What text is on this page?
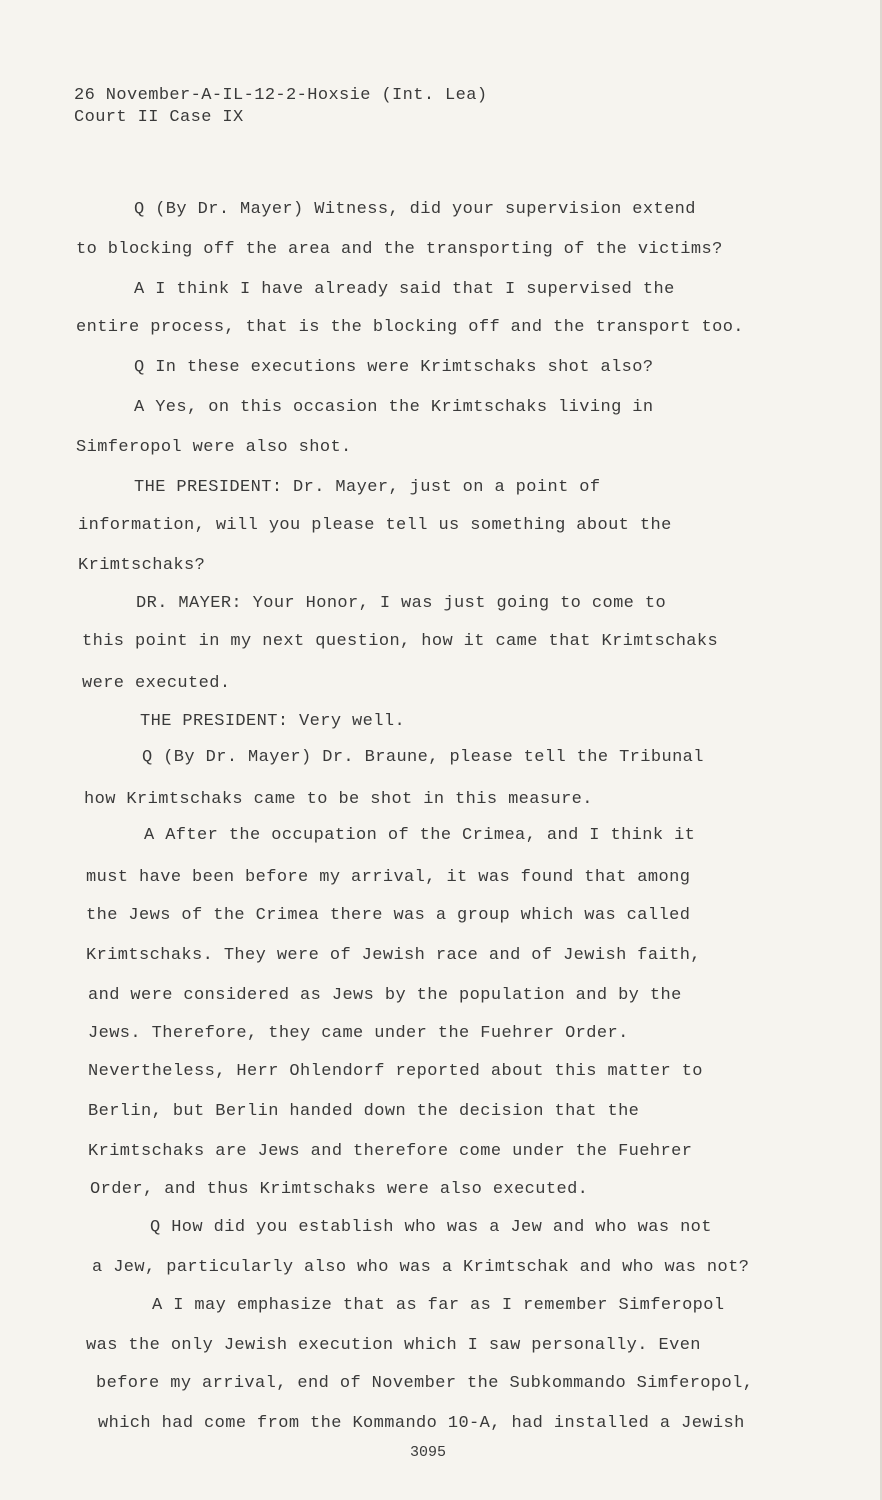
26 November-A-IL-12-2-Hoxsie (Int. Lea)
Court II Case IX
Q (By Dr. Mayer) Witness, did your supervision extend
to blocking off the area and the transporting of the victims?
A I think I have already said that I supervised the
entire process, that is the blocking off and the transport too.
Q In these executions were Krimtschaks shot also?
A Yes, on this occasion the Krimtschaks living in
Simferopol were also shot.
THE PRESIDENT: Dr. Mayer, just on a point of
information, will you please tell us something about the
Krimtschaks?
DR. MAYER: Your Honor, I was just going to come to
this point in my next question, how it came that Krimtschaks
were executed.
THE PRESIDENT: Very well.
Q (By Dr. Mayer) Dr. Braune, please tell the Tribunal
how Krimtschaks came to be shot in this measure.
A After the occupation of the Crimea, and I think it
must have been before my arrival, it was found that among
the Jews of the Crimea there was a group which was called
Krimtschaks. They were of Jewish race and of Jewish faith,
and were considered as Jews by the population and by the
Jews. Therefore, they came under the Fuehrer Order.
Nevertheless, Herr Ohlendorf reported about this matter to
Berlin, but Berlin handed down the decision that the
Krimtschaks are Jews and therefore come under the Fuehrer
Order, and thus Krimtschaks were also executed.
Q How did you establish who was a Jew and who was not
a Jew, particularly also who was a Krimtschak and who was not?
A I may emphasize that as far as I remember Simferopol
was the only Jewish execution which I saw personally. Even
before my arrival, end of November the Subkommando Simferopol,
which had come from the Kommando 10-A, had installed a Jewish
3095
